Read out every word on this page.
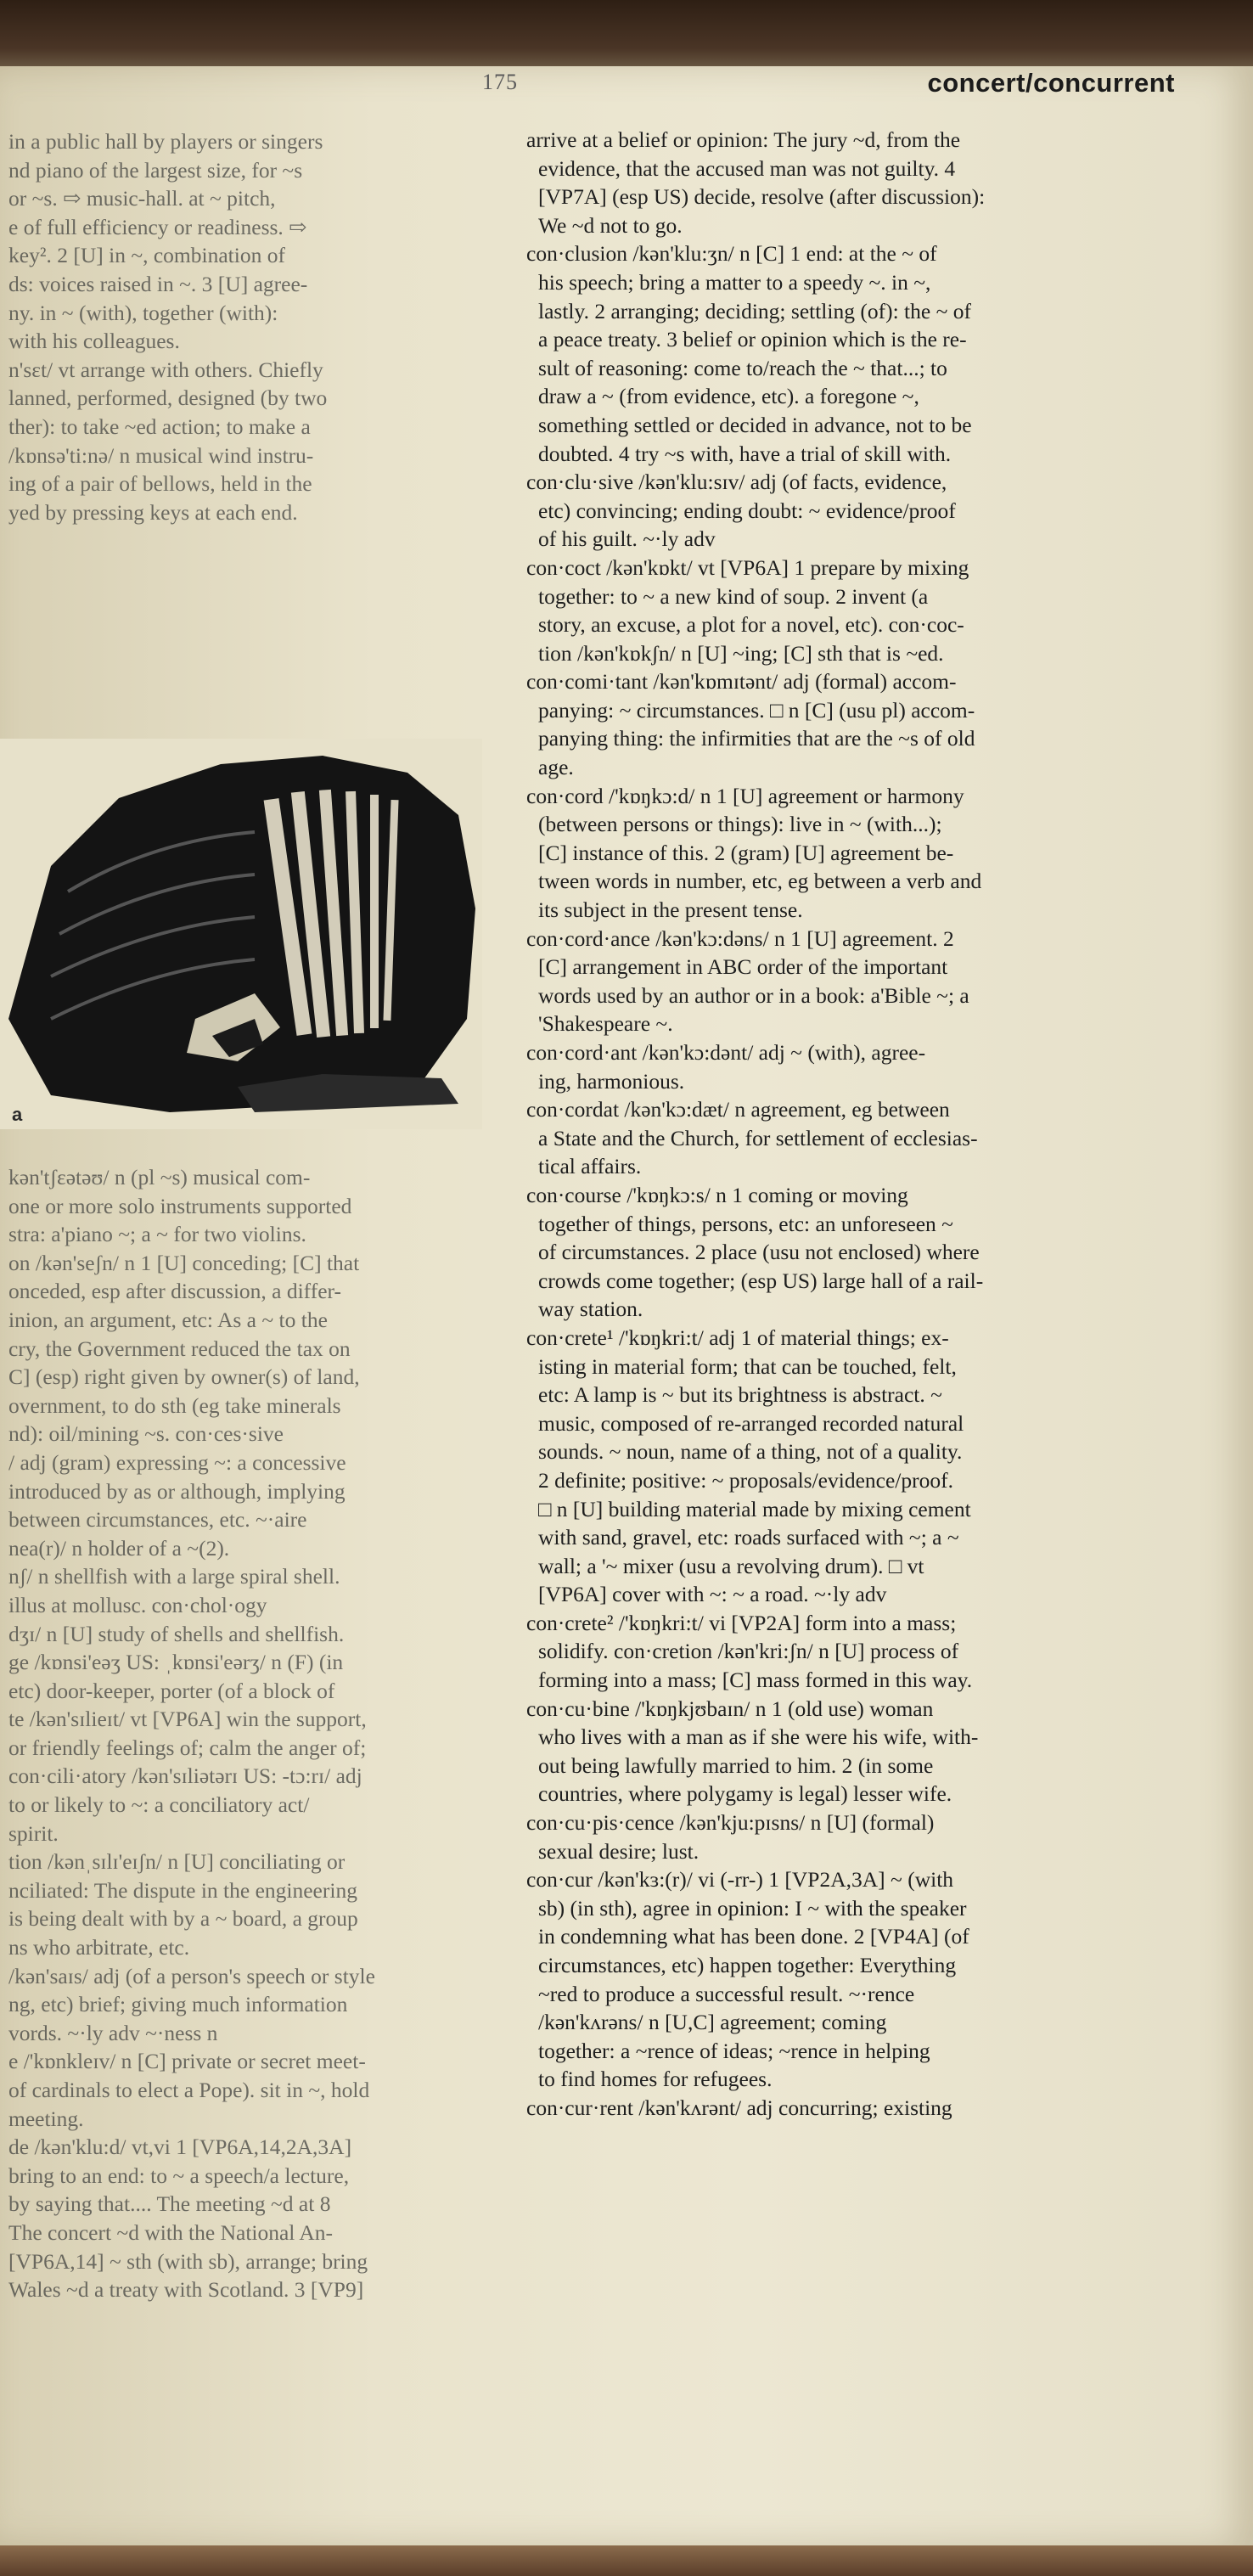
175	concert/concurrent
in a public hall by players or singers
nd piano of the largest size, for ~s
or ~s. ⇨ music-hall. at ~ pitch,
e of full efficiency or readiness. ⇨
key². 2 [U] in ~, combination of
ds: voices raised in ~. 3 [U] agree-
ny. in ~ (with), together (with):
with his colleagues.
n'sεt/ vt arrange with others. Chiefly
lanned, performed, designed (by two
ther): to take ~ed action; to make a
/kɒnsə'ti:nə/ n musical wind instru-
ing of a pair of bellows, held in the
yed by pressing keys at each end.
a
kən'tʃεətəʊ/ n (pl ~s) musical com-
one or more solo instruments supported
stra: a'piano ~; a ~ for two violins.
on /kən'seʃn/ n 1 [U] conceding; [C] that
onceded, esp after discussion, a differ-
inion, an argument, etc: As a ~ to the
cry, the Government reduced the tax on
C] (esp) right given by owner(s) of land,
overnment, to do sth (eg take minerals
nd): oil/mining ~s. con·ces·sive
/ adj (gram) expressing ~: a concessive
introduced by as or although, implying
between circumstances, etc. ~·aire
nea(r)/ n holder of a ~(2).
nʃ/ n shellfish with a large spiral shell.
illus at mollusc. con·chol·ogy
dʒɪ/ n [U] study of shells and shellfish.
ge /kɒnsi'eəʒ US: ˌkɒnsi'eərʒ/ n (F) (in
etc) door-keeper, porter (of a block of
te /kən'sɪlieɪt/ vt [VP6A] win the support,
or friendly feelings of; calm the anger of;
con·cili·atory /kən'sɪliətərɪ US: -tɔ:rɪ/ adj
to or likely to ~: a conciliatory act/
spirit.
tion /kənˌsɪlɪ'eɪʃn/ n [U] conciliating or
nciliated: The dispute in the engineering
is being dealt with by a ~ board, a group
ns who arbitrate, etc.
/kən'saɪs/ adj (of a person's speech or style
ng, etc) brief; giving much information
vords. ~·ly adv ~·ness n
e /'kɒnkleɪv/ n [C] private or secret meet-
of cardinals to elect a Pope). sit in ~, hold
meeting.
de /kən'klu:d/ vt,vi 1 [VP6A,14,2A,3A]
bring to an end: to ~ a speech/a lecture,
by saying that.... The meeting ~d at 8
The concert ~d with the National An-
[VP6A,14] ~ sth (with sb), arrange; bring
Wales ~d a treaty with Scotland. 3 [VP9]
arrive at a belief or opinion: The jury ~d, from the
evidence, that the accused man was not guilty. 4
[VP7A] (esp US) decide, resolve (after discussion):
We ~d not to go.
con·clusion /kən'klu:ʒn/ n [C] 1 end: at the ~ of
his speech; bring a matter to a speedy ~. in ~,
lastly. 2 arranging; deciding; settling (of): the ~ of
a peace treaty. 3 belief or opinion which is the re-
sult of reasoning: come to/reach the ~ that...; to
draw a ~ (from evidence, etc). a foregone ~,
something settled or decided in advance, not to be
doubted. 4 try ~s with, have a trial of skill with.
con·clu·sive /kən'klu:sɪv/ adj (of facts, evidence,
etc) convincing; ending doubt: ~ evidence/proof
of his guilt. ~·ly adv
con·coct /kən'kɒkt/ vt [VP6A] 1 prepare by mixing
together: to ~ a new kind of soup. 2 invent (a
story, an excuse, a plot for a novel, etc). con·coc-
tion /kən'kɒkʃn/ n [U] ~ing; [C] sth that is ~ed.
con·comi·tant /kən'kɒmɪtənt/ adj (formal) accom-
panying: ~ circumstances. □ n [C] (usu pl) accom-
panying thing: the infirmities that are the ~s of old
age.
con·cord /'kɒŋkɔ:d/ n 1 [U] agreement or harmony
(between persons or things): live in ~ (with...);
[C] instance of this. 2 (gram) [U] agreement be-
tween words in number, etc, eg between a verb and
its subject in the present tense.
con·cord·ance /kən'kɔ:dəns/ n 1 [U] agreement. 2
[C] arrangement in ABC order of the important
words used by an author or in a book: a'Bible ~; a
'Shakespeare ~.
con·cord·ant /kən'kɔ:dənt/ adj ~ (with), agree-
ing, harmonious.
con·cordat /kən'kɔ:dæt/ n agreement, eg between
a State and the Church, for settlement of ecclesias-
tical affairs.
con·course /'kɒŋkɔ:s/ n 1 coming or moving
together of things, persons, etc: an unforeseen ~
of circumstances. 2 place (usu not enclosed) where
crowds come together; (esp US) large hall of a rail-
way station.
con·crete¹ /'kɒŋkri:t/ adj 1 of material things; ex-
isting in material form; that can be touched, felt,
etc: A lamp is ~ but its brightness is abstract. ~
music, composed of re-arranged recorded natural
sounds. ~ noun, name of a thing, not of a quality.
2 definite; positive: ~ proposals/evidence/proof.
□ n [U] building material made by mixing cement
with sand, gravel, etc: roads surfaced with ~; a ~
wall; a '~ mixer (usu a revolving drum). □ vt
[VP6A] cover with ~: ~ a road. ~·ly adv
con·crete² /'kɒŋkri:t/ vi [VP2A] form into a mass;
solidify. con·cretion /kən'kri:ʃn/ n [U] process of
forming into a mass; [C] mass formed in this way.
con·cu·bine /'kɒŋkjʊbaɪn/ n 1 (old use) woman
who lives with a man as if she were his wife, with-
out being lawfully married to him. 2 (in some
countries, where polygamy is legal) lesser wife.
con·cu·pis·cence /kən'kju:pɪsns/ n [U] (formal)
sexual desire; lust.
con·cur /kən'kɜ:(r)/ vi (-rr-) 1 [VP2A,3A] ~ (with
sb) (in sth), agree in opinion: I ~ with the speaker
in condemning what has been done. 2 [VP4A] (of
circumstances, etc) happen together: Everything
~red to produce a successful result. ~·rence
/kən'kʌrəns/ n [U,C] agreement; coming
together: a ~rence of ideas; ~rence in helping
to find homes for refugees.
con·cur·rent /kən'kʌrənt/ adj concurring; existing
